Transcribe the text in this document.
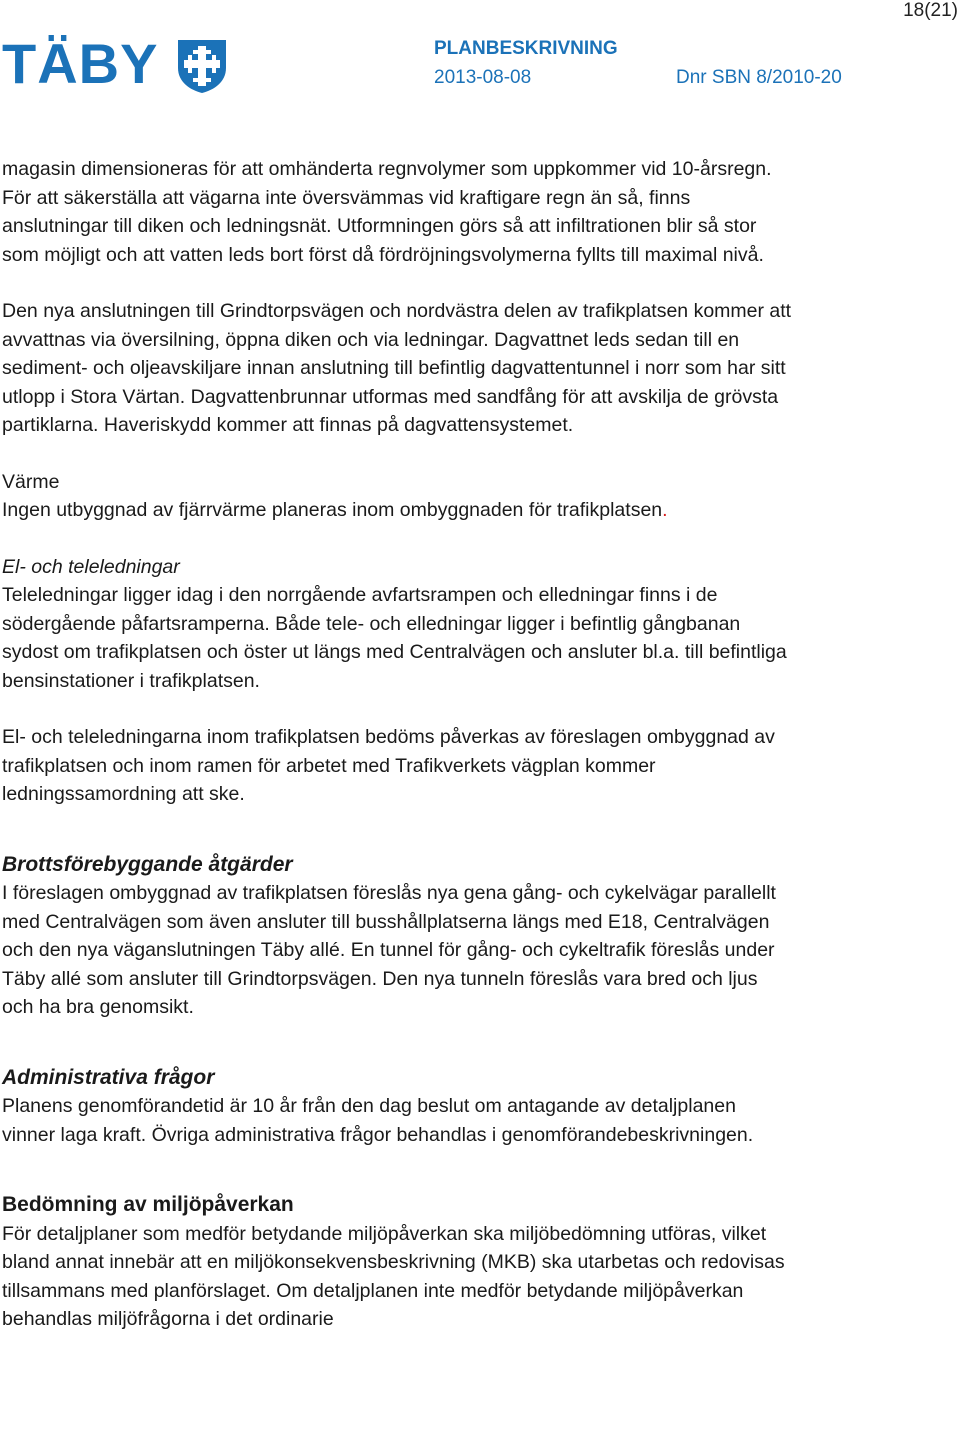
18(21)
TÄBY	PLANBESKRIVNING
2013-08-08	Dnr SBN 8/2010-20

magasin dimensioneras för att omhänderta regnvolymer som uppkommer vid 10-årsregn. För att säkerställa att vägarna inte översvämmas vid kraftigare regn än så, finns anslutningar till diken och ledningsnät. Utformningen görs så att infiltrationen blir så stor som möjligt och att vatten leds bort först då fördröjningsvolymerna fyllts till maximal nivå.

Den nya anslutningen till Grindtorpsvägen och nordvästra delen av trafikplatsen kommer att avvattnas via översilning, öppna diken och via ledningar. Dagvattnet leds sedan till en sediment- och oljeavskiljare innan anslutning till befintlig dagvattentunnel i norr som har sitt utlopp i Stora Värtan. Dagvattenbrunnar utformas med sandfång för att avskilja de grövsta partiklarna. Haveriskydd kommer att finnas på dagvattensystemet.

Värme

Ingen utbyggnad av fjärrvärme planeras inom ombyggnaden för trafikplatsen.

El- och teleledningar

Teleledningar ligger idag i den norrgående avfartsrampen och elledningar finns i de södergående påfartsramperna. Både tele- och elledningar ligger i befintlig gångbanan sydost om trafikplatsen och öster ut längs med Centralvägen och ansluter bl.a. till befintliga bensinstationer i trafikplatsen.

El- och teleledningarna inom trafikplatsen bedöms påverkas av föreslagen ombyggnad av trafikplatsen och inom ramen för arbetet med Trafikverkets vägplan kommer ledningssamordning att ske.

Brottsförebyggande åtgärder

I föreslagen ombyggnad av trafikplatsen föreslås nya gena gång- och cykelvägar parallellt med Centralvägen som även ansluter till busshållplatserna längs med E18, Centralvägen och den nya väganslutningen Täby allé. En tunnel för gång- och cykeltrafik föreslås under Täby allé som ansluter till Grindtorpsvägen. Den nya tunneln föreslås vara bred och ljus och ha bra genomsikt.

Administrativa frågor

Planens genomförandetid är 10 år från den dag beslut om antagande av detaljplanen vinner laga kraft. Övriga administrativa frågor behandlas i genomförandebeskrivningen.

Bedömning av miljöpåverkan

För detaljplaner som medför betydande miljöpåverkan ska miljöbedömning utföras, vilket bland annat innebär att en miljökonsekvensbeskrivning (MKB) ska utarbetas och redovisas tillsammans med planförslaget. Om detaljplanen inte medför betydande miljöpåverkan behandlas miljöfrågorna i det ordinarie
